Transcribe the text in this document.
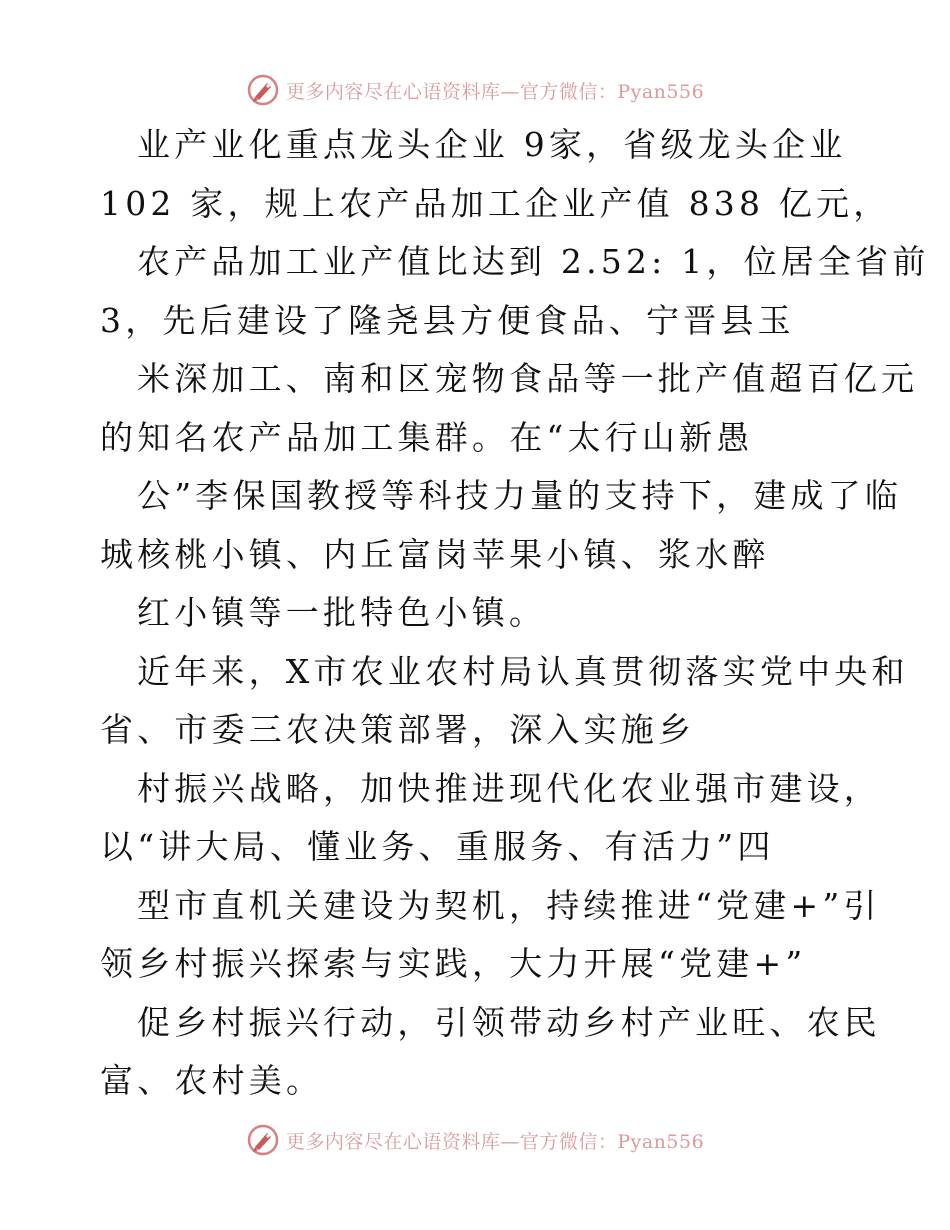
更多内容尽在心语资料库—官方微信：Pyan556
业产业化重点龙头企业 9家，省级龙头企业
102 家，规上农产品加工企业产值 838 亿元，
农产品加工业产值比达到 2.52: 1，位居全省前
3，先后建设了隆尧县方便食品、宁晋县玉
米深加工、南和区宠物食品等一批产值超百亿元
的知名农产品加工集群。在“太行山新愚
公”李保国教授等科技力量的支持下，建成了临
城核桃小镇、内丘富岗苹果小镇、浆水醉
红小镇等一批特色小镇。
近年来，X市农业农村局认真贯彻落实党中央和
省、市委三农决策部署，深入实施乡
村振兴战略，加快推进现代化农业强市建设，
以“讲大局、懂业务、重服务、有活力”四
型市直机关建设为契机，持续推进“党建+”引
领乡村振兴探索与实践，大力开展“党建+”
促乡村振兴行动，引领带动乡村产业旺、农民
富、农村美。
更多内容尽在心语资料库—官方微信：Pyan556
